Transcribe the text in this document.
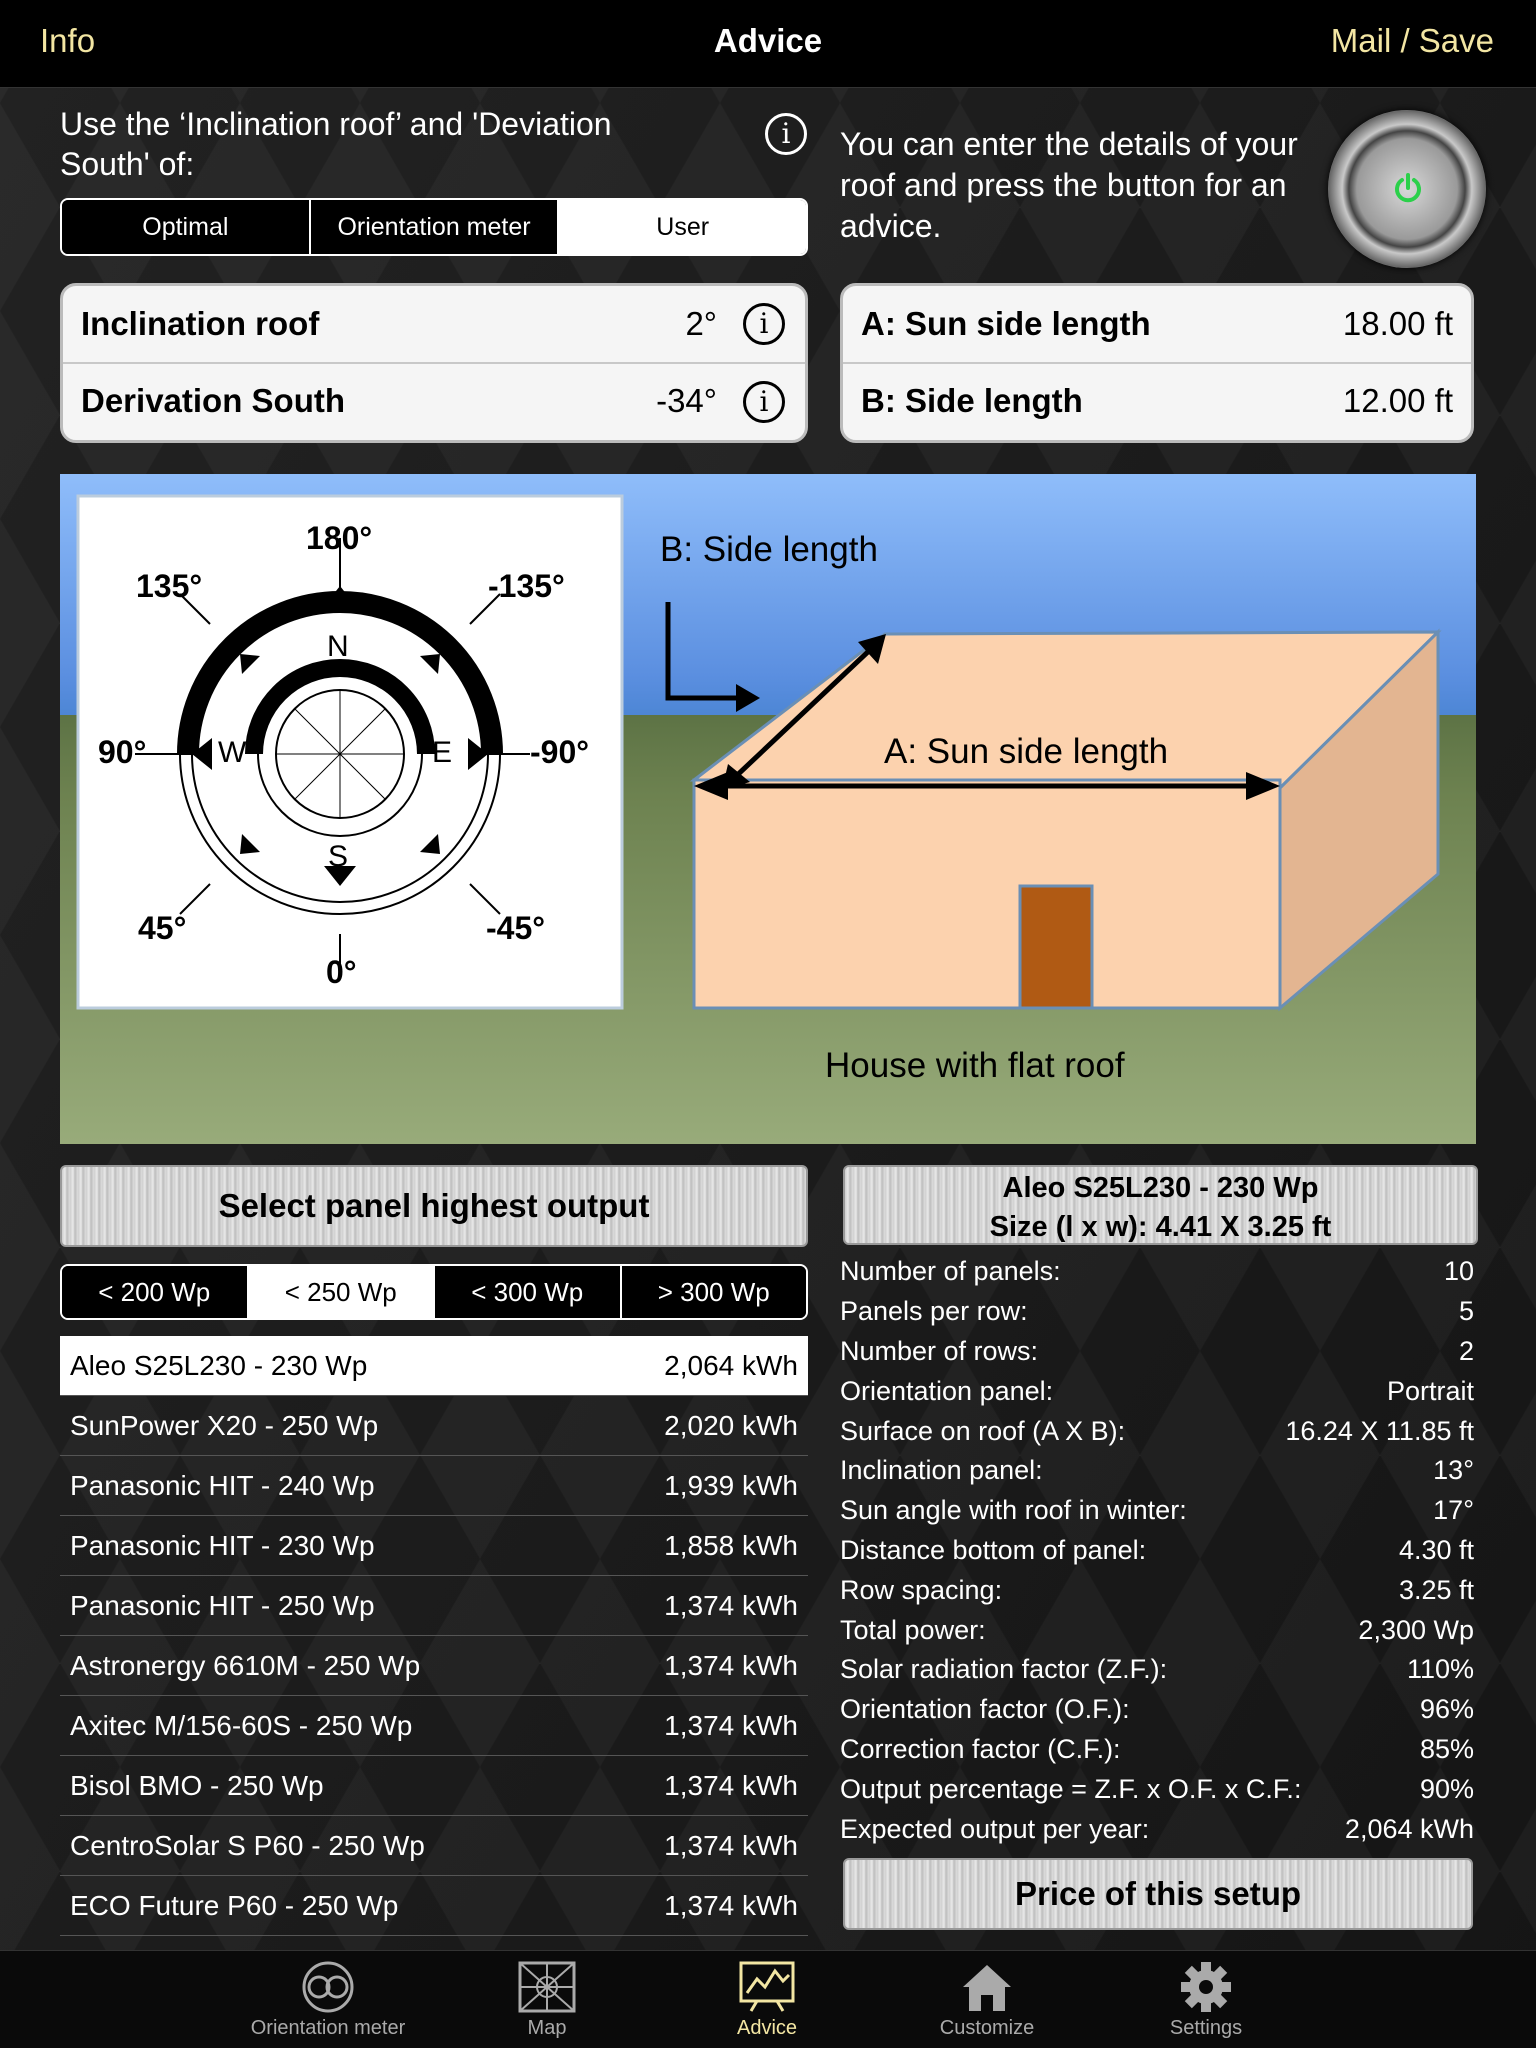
Advice
Info	Mail / Save
Use the ‘Inclination roof’ and 'Deviation South' of:
i
Optimal	Orientation meter	User
You can enter the details of your roof and press the button for an advice.
Inclination roof	2°	i
Derivation South	-34°	i
A: Sun side length	18.00 ft
B: Side length	12.00 ft
180°
135°	-135°
90°	-90°
45°	-45°
0°
N
S
E
W
B: Side length
A: Sun side length
House with flat roof
Select panel highest output
< 200 Wp	< 250 Wp	< 300 Wp	> 300 Wp
Aleo S25L230 - 230 Wp	2,064 kWh
SunPower X20 - 250 Wp	2,020 kWh
Panasonic HIT - 240 Wp	1,939 kWh
Panasonic HIT - 230 Wp	1,858 kWh
Panasonic HIT - 250 Wp	1,374 kWh
Astronergy 6610M - 250 Wp	1,374 kWh
Axitec M/156-60S - 250 Wp	1,374 kWh
Bisol BMO - 250 Wp	1,374 kWh
CentroSolar S P60 - 250 Wp	1,374 kWh
ECO Future P60 - 250 Wp	1,374 kWh
Aleo S25L230 - 230 Wp
Size (l x w): 4.41 X 3.25 ft
Number of panels:	10
Panels per row:	5
Number of rows:	2
Orientation panel:	Portrait
Surface on roof (A X B):	16.24 X 11.85 ft
Inclination panel:	13°
Sun angle with roof in winter:	17°
Distance bottom of panel:	4.30 ft
Row spacing:	3.25 ft
Total power:	2,300 Wp
Solar radiation factor (Z.F.):	110%
Orientation factor (O.F.):	96%
Correction factor (C.F.):	85%
Output percentage = Z.F. x O.F. x C.F.:	90%
Expected output per year:	2,064 kWh
Price of this setup
Orientation meter	Map	Advice	Customize	Settings
